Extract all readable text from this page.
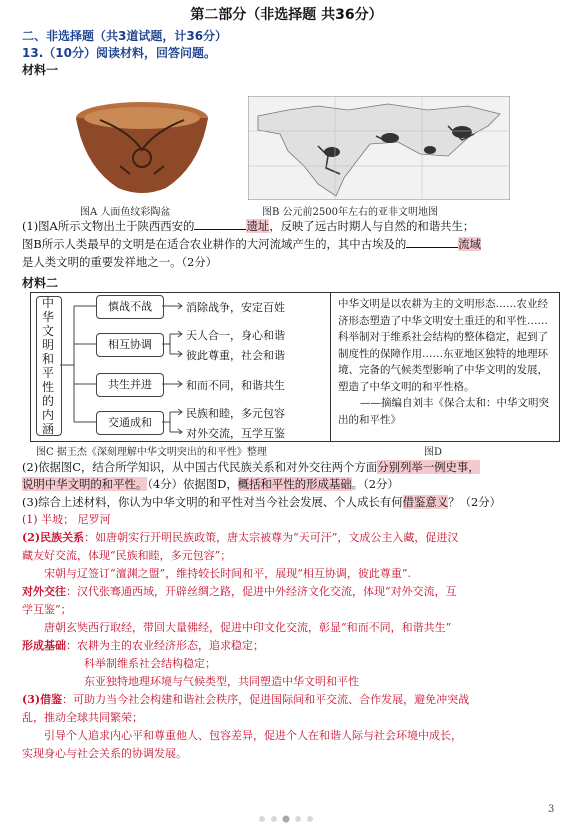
第二部分（非选择题 共36分）
二、非选择题（共3道试题，计36分）
13.（10分）阅读材料，回答问题。
材料一
图A 人面鱼纹彩陶盆	图B 公元前2500年左右的亚非文明地图
(1)图A所示文物出土于陕西西安的	遗址，反映了远古时期人与自然的和谐共生；
图B所示人类最早的文明是在适合农业耕作的大河流域产生的，其中古埃及的	流域
是人类文明的重要发祥地之一。（2分）
材料二
中华文明和平性的内涵
慎战不战
相互协调
共生并进
交通成和
消除战争，安定百姓
天人合一，身心和谐
彼此尊重，社会和谐
和而不同，和谐共生
民族和睦，多元包容
对外交流，互学互鉴
中华文明是以农耕为主的文明形态……农业经济形态塑造了中华文明安土重迁的和平性……科举制对于维系社会结构的整体稳定，起到了制度性的保障作用……东亚地区独特的地理环境、完备的气候类型影响了中华文明的发展，塑造了中华文明的和平性格。
——摘编自刘丰《保合太和：中华文明突出的和平性》
图C 据王杰《深刻理解中华文明突出的和平性》整理	图D
(2)依据图C，结合所学知识，从中国古代民族关系和对外交往两个方面分别列举一例史事，
说明中华文明的和平性。（4分）依据图D，概括和平性的形成基础。（2分）
(3)综合上述材料，你认为中华文明的和平性对当今社会发展、个人成长有何借鉴意义？（2分）
(1) 半坡； 尼罗河
(2)民族关系：如唐朝实行开明民族政策，唐太宗被尊为“天可汗”，文成公主入藏，促进汉
藏友好交流，体现“民族和睦，多元包容”；
宋朝与辽签订“澶渊之盟”，维持较长时间和平，展现“相互协调，彼此尊重”.
对外交往：汉代张骞通西域，开辟丝绸之路，促进中外经济文化交流，体现“对外交流，互
学互鉴”；
唐朝玄奘西行取经，带回大量佛经，促进中印文化交流，彰显“和而不同，和谐共生”
形成基础：农耕为主的农业经济形态，追求稳定；
科举制维系社会结构稳定；
东亚独特地理环境与气候类型，共同塑造中华文明和平性
(3)借鉴：可助力当今社会构建和谐社会秩序，促进国际间和平交流、合作发展，避免冲突战
乱，推动全球共同繁荣；
引导个人追求内心平和尊重他人、包容差异，促进个人在和谐人际与社会环境中成长，
实现身心与社会关系的协调发展。
3
